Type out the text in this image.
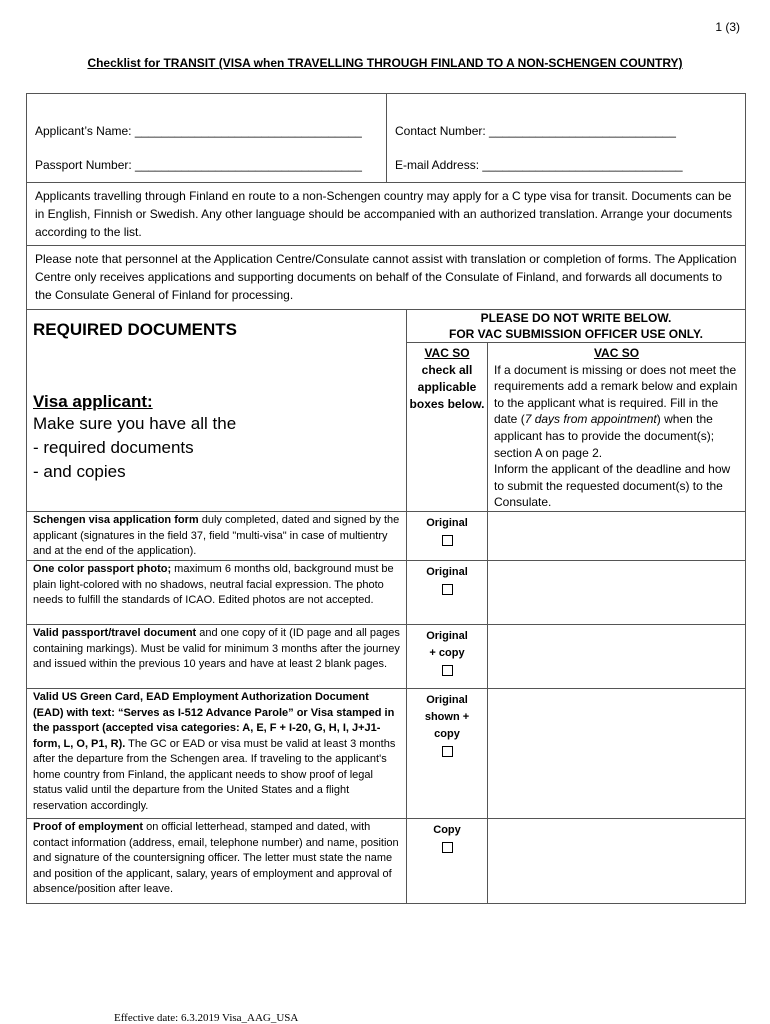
1 (3)
Checklist for TRANSIT (VISA when TRAVELLING THROUGH FINLAND TO A NON-SCHENGEN COUNTRY)
Applicant’s Name: __________________________________
Passport Number: __________________________________
Contact Number: ____________________________
E-mail Address: ______________________________
Applicants travelling through Finland en route to a non-Schengen country may apply for a C type visa for transit. Documents can be in English, Finnish or Swedish. Any other language should be accompanied with an authorized translation. Arrange your documents according to the list.
Please note that personnel at the Application Centre/Consulate cannot assist with translation or completion of forms. The Application Centre only receives applications and supporting documents on behalf of the Consulate of Finland, and forwards all documents to the Consulate General of Finland for processing.
REQUIRED DOCUMENTS
Visa applicant:
Make sure you have all the
- required documents
- and copies
PLEASE DO NOT WRITE BELOW.
FOR VAC SUBMISSION OFFICER USE ONLY.
VAC SO
check all applicable boxes below.
VAC SO
If a document is missing or does not meet the requirements add a remark below and explain to the applicant what is required. Fill in the date (7 days from appointment) when the applicant has to provide the document(s); section A on page 2.
Inform the applicant of the deadline and how to submit the requested document(s) to the Consulate.
Schengen visa application form duly completed, dated and signed by the applicant (signatures in the field 37, field "multi-visa" in case of multientry and at the end of the application).
Original
One color passport photo; maximum 6 months old, background must be plain light-colored with no shadows, neutral facial expression. The photo needs to fulfill the standards of ICAO. Edited photos are not accepted.
Original
Valid passport/travel document and one copy of it (ID page and all pages containing markings). Must be valid for minimum 3 months after the journey and issued within the previous 10 years and have at least 2 blank pages.
Original + copy
Valid US Green Card, EAD Employment Authorization Document (EAD) with text: “Serves as I-512 Advance Parole” or Visa stamped in the passport (accepted visa categories: A, E, F + I-20, G, H, I, J+J1-form, L, O, P1, R). The GC or EAD or visa must be valid at least 3 months after the departure from the Schengen area. If traveling to the applicant's home country from Finland, the applicant needs to show proof of legal status valid until the departure from the United States and a flight reservation accordingly.
Original shown + copy
Proof of employment on official letterhead, stamped and dated, with contact information (address, email, telephone number) and name, position and signature of the countersigning officer. The letter must state the name and position of the applicant, salary, years of employment and approval of absence/position after leave.
Copy
Effective date: 6.3.2019 Visa_AAG_USA
